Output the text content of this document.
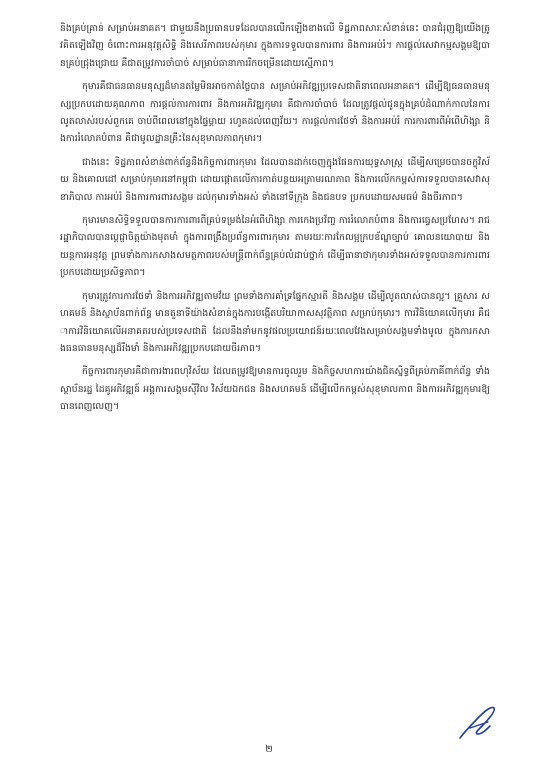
និងគ្រប់គ្រាន់ សម្រាប់អនាគត។ ជាមួយនឹងប្រធានបទដែលបានលើកឡើងខាងលើ ទិដ្ឋភាពសារៈសំខាន់នេះ បានជំរុញឱ្យយើងត្រូវគិតឡើងវិញ ចំពោះការអនុវត្តសិទ្ធិ និងសេរីភាពរបស់កុមារ ក្នុងការទទួលបានការពារ និងការអប់រំ។ ការផ្តល់សេវាកម្មសង្គមឱ្យបានគ្រប់ជ្រុងជ្រោយ គឺជាតម្រូវការចាំបាច់ សម្រាប់ធានាការរីកចម្រើនដោយស្មើភាព។

កុមារគឺជាធនធានមនុស្សដ៏មានតម្លៃមិនអាចកាត់ថ្លៃបាន សម្រាប់អភិវឌ្ឍប្រទេសជាតិនាពេលអនាគត។ ដើម្បីឱ្យធនធានមនុស្សប្រកបដោយគុណភាព ការផ្តល់ការការពារ និងការអភិវឌ្ឍកុមារ គឺជាការចាំបាច់ ដែលត្រូវផ្តល់ជូនក្នុងគ្រប់ដំណាក់កាលនៃការលូតលាស់របស់ពួកគេ ចាប់ពីពេលនៅក្នុងផ្ទៃម្តាយ រហូតដល់ពេញវ័យ។ ការផ្តល់ការថែទាំ និងការអប់រំ ការការពារពីអំពើហិង្សា និងការរំលោភបំពាន គឺជាមូលដ្ឋានគ្រឹះនៃសុខុមាលភាពកុមារ។

ជាងនេះ ទិដ្ឋភាពសំខាន់ពាក់ព័ន្ធនឹងកិច្ចការពារកុមារ ដែលបានដាក់ចេញក្នុងផែនការយុទ្ធសាស្ត្រ ដើម្បីសម្រេចបានចក្ខុវិស័យ និងគោលដៅ សម្រាប់កុមារនៅកម្ពុជា ដោយផ្តោតលើការកាត់បន្ថយអត្រាមរណភាព និងការលើកកម្ពស់ការទទួលបានសេវាសុខាភិបាល ការអប់រំ និងការការពារសង្គម ដល់កុមារទាំងអស់ ទាំងនៅទីក្រុង និងជនបទ ប្រកបដោយសមធម៌ និងចីរភាព។

កុមារមានសិទ្ធិទទួលបានការការពារពីគ្រប់ទម្រង់នៃអំពើហិង្សា ការកេងប្រវ័ញ្ច ការរំលោភបំពាន និងការធ្វេសប្រហែស។ រាជរដ្ឋាភិបាលបានប្តេជ្ញាចិត្តយ៉ាងមុតមាំ ក្នុងការពង្រឹងប្រព័ន្ធការពារកុមារ តាមរយៈការកែលម្អក្របខ័ណ្ឌច្បាប់ គោលនយោបាយ និងយន្តការអនុវត្ត ព្រមទាំងការកសាងសមត្ថភាពរបស់មន្ត្រីពាក់ព័ន្ធគ្រប់លំដាប់ថ្នាក់ ដើម្បីធានាថាកុមារទាំងអស់ទទួលបានការការពារប្រកបដោយប្រសិទ្ធភាព។

កុមារត្រូវការការថែទាំ និងការអភិវឌ្ឍតាមវ័យ ព្រមទាំងការគាំទ្រផ្នែកស្មារតី និងសង្គម ដើម្បីលូតលាស់បានល្អ។ គ្រួសារ សហគមន៍ និងស្ថាប័នពាក់ព័ន្ធ មានតួនាទីយ៉ាងសំខាន់ក្នុងការបង្កើតបរិយាកាសសុវត្ថិភាព សម្រាប់កុមារ។ ការវិនិយោគលើកុមារ គឺជាការវិនិយោគលើអនាគតរបស់ប្រទេសជាតិ ដែលនឹងនាំមកនូវផលប្រយោជន៍រយៈពេលវែងសម្រាប់សង្គមទាំងមូល ក្នុងការកសាងធនធានមនុស្សដ៏រឹងមាំ និងការអភិវឌ្ឍប្រកបដោយចីរភាព។

កិច្ចការពារកុមារគឺជាការងារពហុវិស័យ ដែលតម្រូវឱ្យមានការចូលរួម និងកិច្ចសហការយ៉ាងជិតស្និទ្ធពីគ្រប់ភាគីពាក់ព័ន្ធ ទាំងស្ថាប័នរដ្ឋ ដៃគូអភិវឌ្ឍន៍ អង្គការសង្គមស៊ីវិល វិស័យឯកជន និងសហគមន៍ ដើម្បីលើកកម្ពស់សុខុមាលភាព និងការអភិវឌ្ឍកុមារឱ្យបានពេញលេញ។

២
